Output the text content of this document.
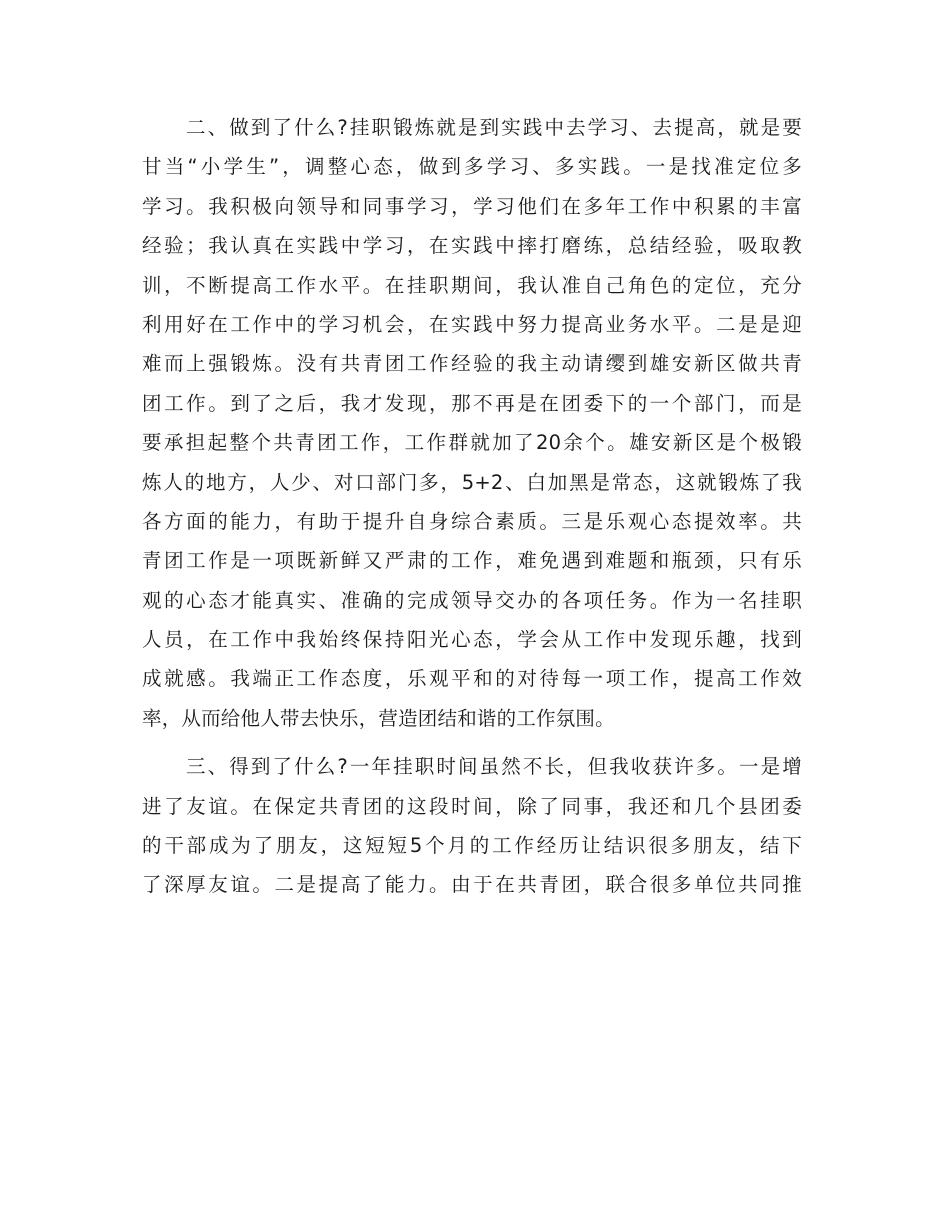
二、做到了什么?挂职锻炼就是到实践中去学习、去提高，就是要
甘当“小学生”，调整心态，做到多学习、多实践。一是找准定位多
学习。我积极向领导和同事学习，学习他们在多年工作中积累的丰富
经验；我认真在实践中学习，在实践中摔打磨练，总结经验，吸取教
训，不断提高工作水平。在挂职期间，我认准自己角色的定位，充分
利用好在工作中的学习机会，在实践中努力提高业务水平。二是是迎
难而上强锻炼。没有共青团工作经验的我主动请缨到雄安新区做共青
团工作。到了之后，我才发现，那不再是在团委下的一个部门，而是
要承担起整个共青团工作，工作群就加了20余个。雄安新区是个极锻
炼人的地方，人少、对口部门多，5+2、白加黑是常态，这就锻炼了我
各方面的能力，有助于提升自身综合素质。三是乐观心态提效率。共
青团工作是一项既新鲜又严肃的工作，难免遇到难题和瓶颈，只有乐
观的心态才能真实、准确的完成领导交办的各项任务。作为一名挂职
人员，在工作中我始终保持阳光心态，学会从工作中发现乐趣，找到
成就感。我端正工作态度，乐观平和的对待每一项工作，提高工作效
率，从而给他人带去快乐，营造团结和谐的工作氛围。
三、得到了什么?一年挂职时间虽然不长，但我收获许多。一是增
进了友谊。在保定共青团的这段时间，除了同事，我还和几个县团委
的干部成为了朋友，这短短5个月的工作经历让结识很多朋友，结下
了深厚友谊。二是提高了能力。由于在共青团，联合很多单位共同推
